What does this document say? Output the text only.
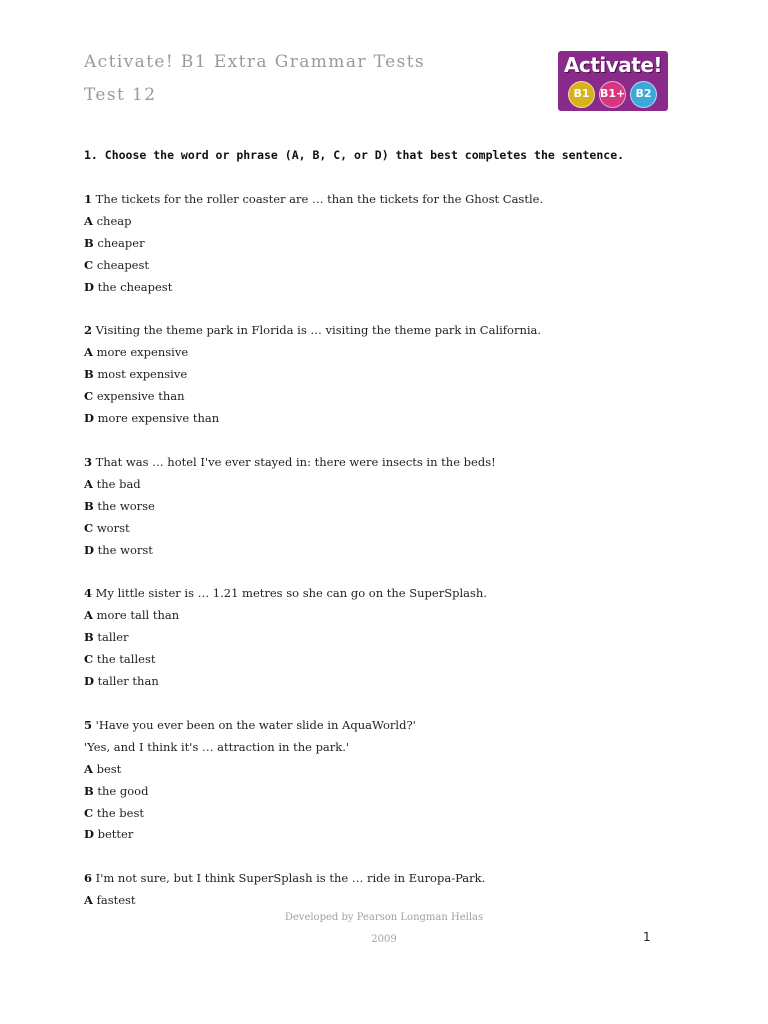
Activate! B1 Extra Grammar Tests
Test 12
Activate!
B1 B1+ B2
1. Choose the word or phrase (A, B, C, or D) that best completes the sentence.
1 The tickets for the roller coaster are … than the tickets for the Ghost Castle.
A cheap
B cheaper
C cheapest
D the cheapest
2 Visiting the theme park in Florida is … visiting the theme park in California.
A more expensive
B most expensive
C expensive than
D more expensive than
3 That was … hotel I've ever stayed in: there were insects in the beds!
A the bad
B the worse
C worst
D the worst
4 My little sister is … 1.21 metres so she can go on the SuperSplash.
A more tall than
B taller
C the tallest
D taller than
5 'Have you ever been on the water slide in AquaWorld?'
'Yes, and I think it's … attraction in the park.'
A best
B the good
C the best
D better
6 I'm not sure, but I think SuperSplash is the … ride in Europa-Park.
A fastest
Developed by Pearson Longman Hellas
2009	1
